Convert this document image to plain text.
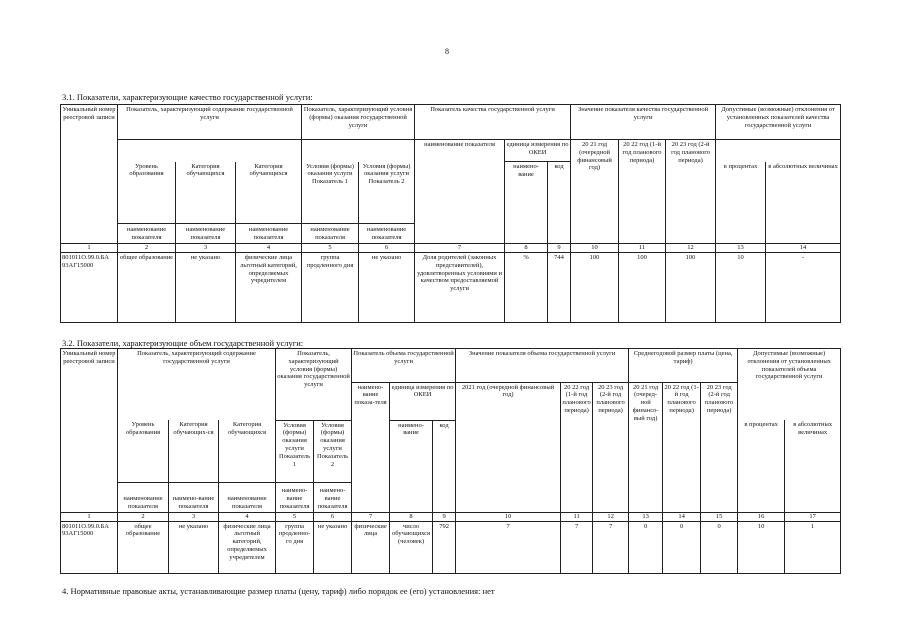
8
3.1. Показатели, характеризующие качество государственной услуги:
Уникальный номер реестровой записи	Показатель, характеризующий содержание государственной услуги			Показатель, характеризующий условия (формы) оказания государственной услуги		Показатель качества государственной услуги			Значение показателя качества государственной услуги			Допустимые (возможные) отклонения от установленных показателей качества государственной услуги	
						наименование показателя	единица измерения по ОКЕИ		20 21 год (очередной финансовый год)	20 22 год (1-й год планового периода)	20 23 год (2-й год планового периода)		
	Уровень образования	Категория обучающихся	Категория обучающихся	Условия (формы) оказания услуги Показатель 1	Условия (формы) оказания услуги Показатель 2		наимено-вание	код				в процентах	в абсолютных величинах
	наименование показателя	наименование показателя	наименование показателя	наименование показателя	наименование показателя								
1	2	3	4	5	6	7	8	9	10	11	12	13	14
801011О.99.0.БА 93АГ15000	общее образование	не указано	физические лица льготный категорий, определяемых учредителем	группа продленного дня	не указано	Доля родителей (законных представителей), удовлетворенных условиями и качеством предоставляемой услуги	%	744	100	100	100	10	-
3.2. Показатели, характеризующие объем государственной услуги:
Уникальный номер реестровой записи	Показатель, характеризующий содержание государственной услуги			Показатель, характеризующий условия (формы) оказания государственной услуги		Показатель объема государственной услуги			Значение показателя объема государственной услуги			Среднегодовой размер платы (цена, тариф)			Допустимые (возможные) отклонения от установленных показателей объема государственной услуги	
						наимено-вание показа-теля	единица измерения по ОКЕИ		2021 год (очередной финансовый год)	20 22 год (1-й год планового периода)	20 23 год (2-й год планового периода)	20 21 год (очеред-ной финансо-вый год)	20 22 год (1-й год планового периода)	20 23 год (2-й год планового периода)		
	Уровень образования	Категория обучающих-ся	Категория обучающихся	Условия (формы) оказания услуги Показатель 1	Условия (формы) оказания услуги Показатель 2		наимено-вание	код							в процентах	в абсолютных величинах
	наименование показателя	наимено-вание показателя	наименование показателя	наимено-вание показателя	наимено-вание показателя											
1	2	3	4	5	6	7	8	9	10	11	12	13	14	15	16	17
801011О.99.0.БА 93АГ15000	общее образование	не указано	физические лица льготный категорий, определяемых учредителем	группа продленно-го дня	не указано	физические лица	число обучающихся (человек)	792	7	7	7	0	0	0	10	1
4. Нормативные правовые акты, устанавливающие размер платы (цену, тариф) либо порядок ее (его) установления: нет
